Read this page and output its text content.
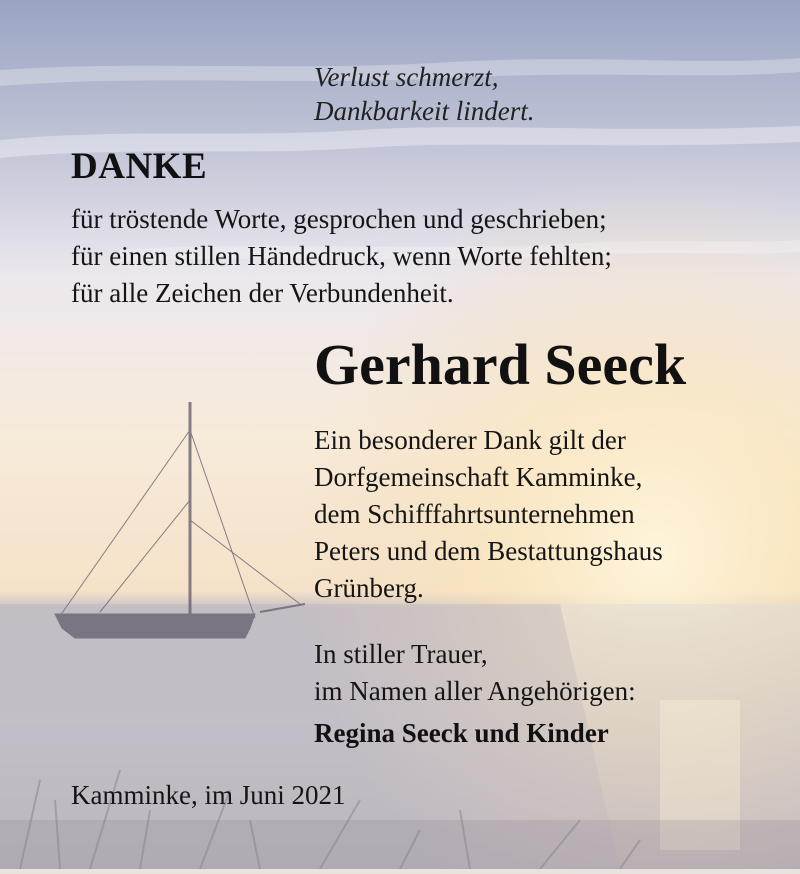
Verlust schmerzt,
Dankbarkeit lindert.
DANKE
für tröstende Worte, gesprochen und geschrieben;
für einen stillen Händedruck, wenn Worte fehlten;
für alle Zeichen der Verbundenheit.
Gerhard Seeck
Ein besonderer Dank gilt der
Dorfgemeinschaft Kamminke,
dem Schifffahrtsunternehmen
Peters und dem Bestattungshaus
Grünberg.
In stiller Trauer,
im Namen aller Angehörigen:
Regina Seeck und Kinder
Kamminke, im Juni 2021
